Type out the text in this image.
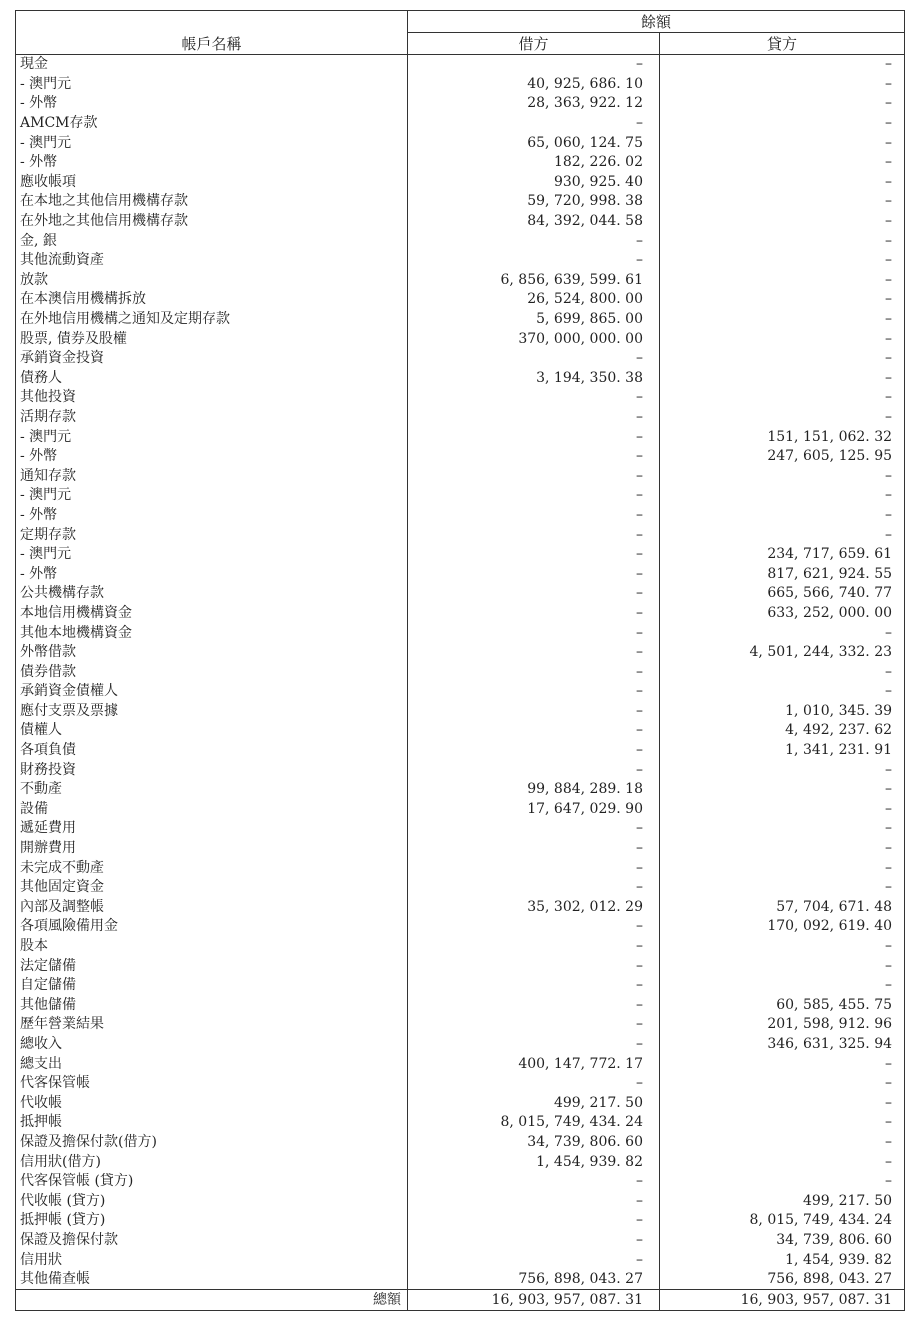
帳戶名稱	餘額	
	借方	貸方
現金	–	–
- 澳門元	40, 925, 686. 10	–
- 外幣	28, 363, 922. 12	–
AMCM存款	–	–
- 澳門元	65, 060, 124. 75	–
- 外幣	182, 226. 02	–
應收帳項	930, 925. 40	–
在本地之其他信用機構存款	59, 720, 998. 38	–
在外地之其他信用機構存款	84, 392, 044. 58	–
金, 銀	–	–
其他流動資產	–	–
放款	6, 856, 639, 599. 61	–
在本澳信用機構拆放	26, 524, 800. 00	–
在外地信用機構之通知及定期存款	5, 699, 865. 00	–
股票, 債券及股權	370, 000, 000. 00	–
承銷資金投資	–	–
債務人	3, 194, 350. 38	–
其他投資	–	–
活期存款	–	–
- 澳門元	–	151, 151, 062. 32
- 外幣	–	247, 605, 125. 95
通知存款	–	–
- 澳門元	–	–
- 外幣	–	–
定期存款	–	–
- 澳門元	–	234, 717, 659. 61
- 外幣	–	817, 621, 924. 55
公共機構存款	–	665, 566, 740. 77
本地信用機構資金	–	633, 252, 000. 00
其他本地機構資金	–	–
外幣借款	–	4, 501, 244, 332. 23
債券借款	–	–
承銷資金債權人	–	–
應付支票及票據	–	1, 010, 345. 39
債權人	–	4, 492, 237. 62
各項負債	–	1, 341, 231. 91
財務投資	–	–
不動產	99, 884, 289. 18	–
設備	17, 647, 029. 90	–
遞延費用	–	–
開辦費用	–	–
未完成不動產	–	–
其他固定資金	–	–
內部及調整帳	35, 302, 012. 29	57, 704, 671. 48
各項風險備用金	–	170, 092, 619. 40
股本	–	–
法定儲備	–	–
自定儲備	–	–
其他儲備	–	60, 585, 455. 75
歷年營業結果	–	201, 598, 912. 96
總收入	–	346, 631, 325. 94
總支出	400, 147, 772. 17	–
代客保管帳	–	–
代收帳	499, 217. 50	–
抵押帳	8, 015, 749, 434. 24	–
保證及擔保付款(借方)	34, 739, 806. 60	–
信用狀(借方)	1, 454, 939. 82	–
代客保管帳 (貸方)	–	–
代收帳 (貸方)	–	499, 217. 50
抵押帳 (貸方)	–	8, 015, 749, 434. 24
保證及擔保付款	–	34, 739, 806. 60
信用狀	–	1, 454, 939. 82
其他備查帳	756, 898, 043. 27	756, 898, 043. 27
總額	16, 903, 957, 087. 31	16, 903, 957, 087. 31
